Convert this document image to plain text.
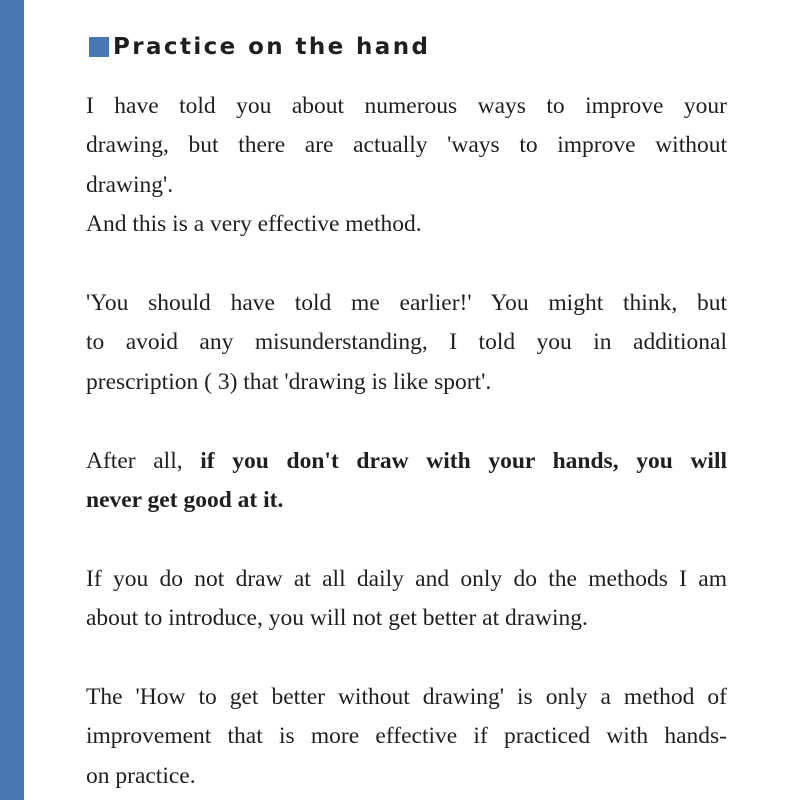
Practice on the hand
I have told you about numerous ways to improve your
drawing, but there are actually 'ways to improve without
drawing'.
And this is a very effective method.
'You should have told me earlier!' You might think, but
to avoid any misunderstanding, I told you in additional
prescription ( 3) that 'drawing is like sport'.
After all, if you don't draw with your hands, you will
never get good at it.
If you do not draw at all daily and only do the methods I am
about to introduce, you will not get better at drawing.
The 'How to get better without drawing' is only a method of
improvement that is more effective if practiced with hands-
on practice.
